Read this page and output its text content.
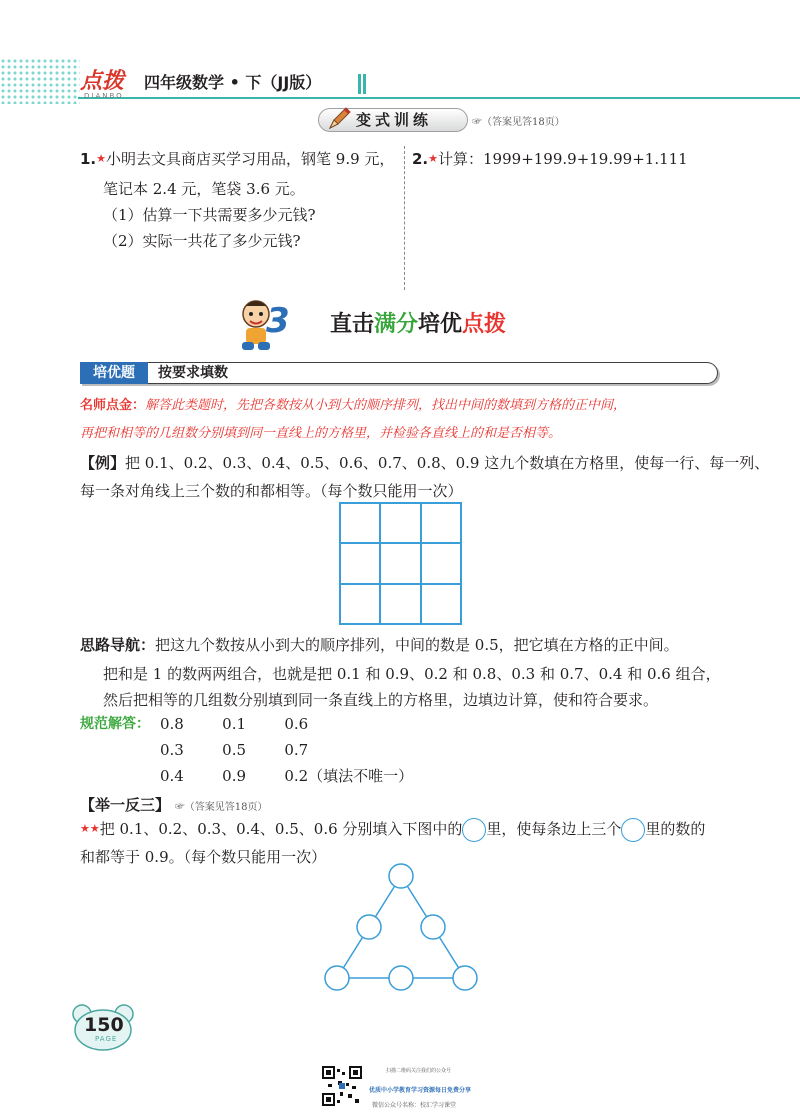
点拨
DIANBO
四年级数学 • 下（JJ版）
变式训练	☞（答案见答18页）
1.★小明去文具商店买学习用品，钢笔 9.9 元，
笔记本 2.4 元，笔袋 3.6 元。
（1）估算一下共需要多少元钱?
（2）实际一共花了多少元钱?
2.★计算：1999+199.9+19.99+1.111
3 直击满分培优点拨
培优题	按要求填数
名师点金：解答此类题时，先把各数按从小到大的顺序排列，找出中间的数填到方格的正中间，
再把和相等的几组数分别填到同一直线上的方格里，并检验各直线上的和是否相等。
【例】把 0.1、0.2、0.3、0.4、0.5、0.6、0.7、0.8、0.9 这九个数填在方格里，使每一行、每一列、
每一条对角线上三个数的和都相等。（每个数只能用一次）
思路导航：把这九个数按从小到大的顺序排列，中间的数是 0.5，把它填在方格的正中间。
把和是 1 的数两两组合，也就是把 0.1 和 0.9、0.2 和 0.8、0.3 和 0.7、0.4 和 0.6 组合，
然后把相等的几组数分别填到同一条直线上的方格里，边填边计算，使和符合要求。
规范解答： 0.8   0.1   0.6
0.3   0.5   0.7
0.4   0.9   0.2（填法不唯一）
【举一反三】 ☞（答案见答18页）
★★把 0.1、0.2、0.3、0.4、0.5、0.6 分别填入下图中的 里，使每条边上三个 里的数的
和都等于 0.9。（每个数只能用一次）
150
PAGE
扫描二维码关注我们的公众号
优质中小学教育学习资源每日免费分享
微信公众号名称：校汇学习课堂
